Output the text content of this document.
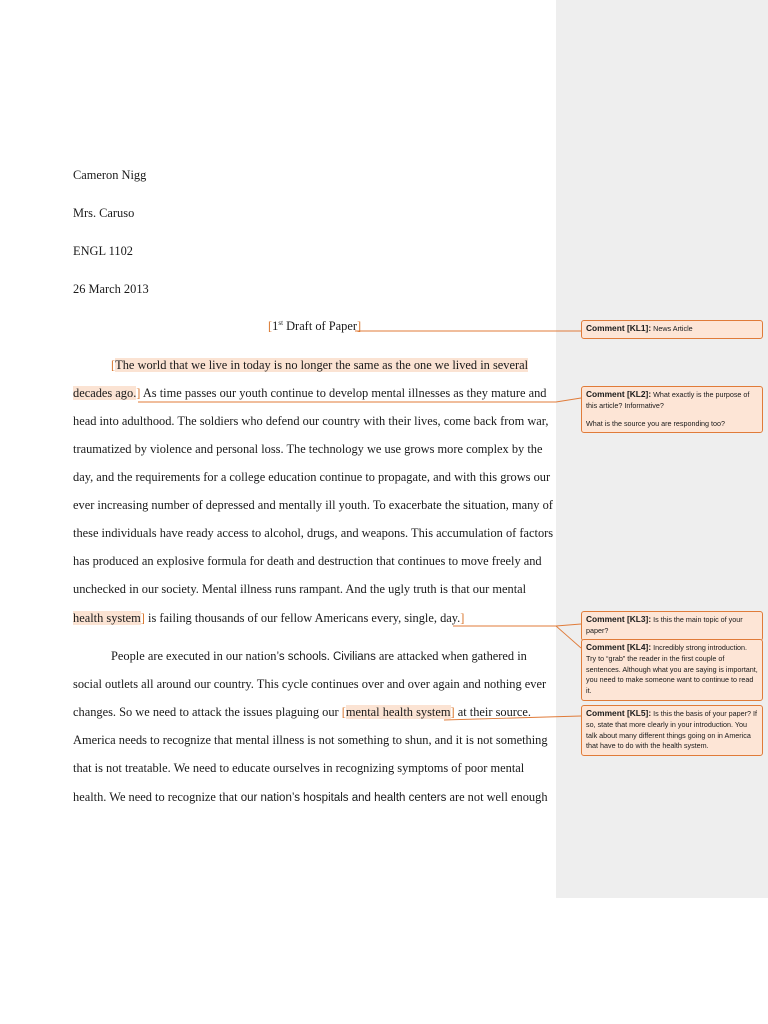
Cameron Nigg
Mrs. Caruso
ENGL 1102
26 March 2013
[1st Draft of Paper]
[The world that we live in today is no longer the same as the one we lived in several
decades ago.] As time passes our youth continue to develop mental illnesses as they mature and
head into adulthood. The soldiers who defend our country with their lives, come back from war,
traumatized by violence and personal loss. The technology we use grows more complex by the
day, and the requirements for a college education continue to propagate, and with this grows our
ever increasing number of depressed and mentally ill youth. To exacerbate the situation, many of
these individuals have ready access to alcohol, drugs, and weapons. This accumulation of factors
has produced an explosive formula for death and destruction that continues to move freely and
unchecked in our society. Mental illness runs rampant. And the ugly truth is that our mental
health system] is failing thousands of our fellow Americans every, single, day.]
People are executed in our nation’s schools. Civilians are attacked when gathered in
social outlets all around our country. This cycle continues over and over again and nothing ever
changes. So we need to attack the issues plaguing our [mental health system] at their source.
America needs to recognize that mental illness is not something to shun, and it is not something
that is not treatable. We need to educate ourselves in recognizing symptoms of poor mental
health. We need to recognize that our nation’s hospitals and health centers are not well enough

Comment [KL1]: News Article

Comment [KL2]: What exactly is the purpose of this article? Informative?

What is the source you are responding too?

Comment [KL3]: Is this the main topic of your paper?

Comment [KL4]: Incredibly strong introduction. Try to “grab” the reader in the first couple of sentences. Although what you are saying is important, you need to make someone want to continue to read it.

Comment [KL5]: Is this the basis of your paper? If so, state that more clearly in your introduction. You talk about many different things going on in America that have to do with the health system.
